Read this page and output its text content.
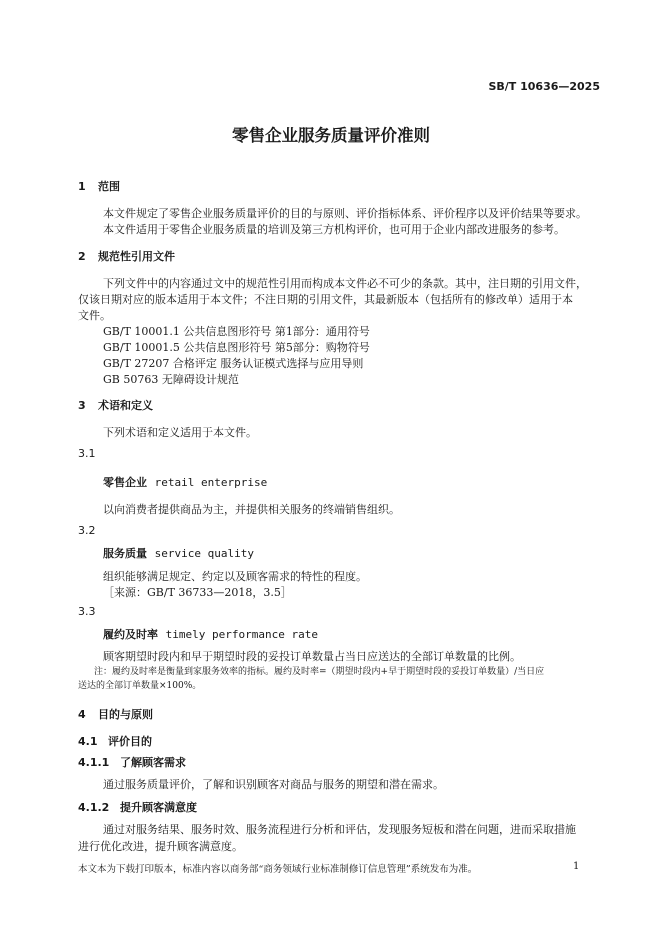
SB/T 10636—2025
零售企业服务质量评价准则
1 范围
本文件规定了零售企业服务质量评价的目的与原则、评价指标体系、评价程序以及评价结果等要求。
本文件适用于零售企业服务质量的培训及第三方机构评价，也可用于企业内部改进服务的参考。
2 规范性引用文件
下列文件中的内容通过文中的规范性引用而构成本文件必不可少的条款。其中，注日期的引用文件，
仅该日期对应的版本适用于本文件；不注日期的引用文件，其最新版本（包括所有的修改单）适用于本
文件。
GB/T 10001.1 公共信息图形符号 第1部分：通用符号
GB/T 10001.5 公共信息图形符号 第5部分：购物符号
GB/T 27207 合格评定 服务认证模式选择与应用导则
GB 50763 无障碍设计规范
3 术语和定义
下列术语和定义适用于本文件。
3.1
零售企业 retail enterprise
以向消费者提供商品为主，并提供相关服务的终端销售组织。
3.2
服务质量 service quality
组织能够满足规定、约定以及顾客需求的特性的程度。
［来源：GB/T 36733—2018，3.5］
3.3
履约及时率 timely performance rate
顾客期望时段内和早于期望时段的妥投订单数量占当日应送达的全部订单数量的比例。
注：履约及时率是衡量到家服务效率的指标。履约及时率=（期望时段内+早于期望时段的妥投订单数量）/当日应
送达的全部订单数量×100%。
4 目的与原则
4.1 评价目的
4.1.1 了解顾客需求
通过服务质量评价，了解和识别顾客对商品与服务的期望和潜在需求。
4.1.2 提升顾客满意度
通过对服务结果、服务时效、服务流程进行分析和评估，发现服务短板和潜在问题，进而采取措施
进行优化改进，提升顾客满意度。
本文本为下载打印版本，标准内容以商务部“商务领域行业标准制修订信息管理”系统发布为准。	1
